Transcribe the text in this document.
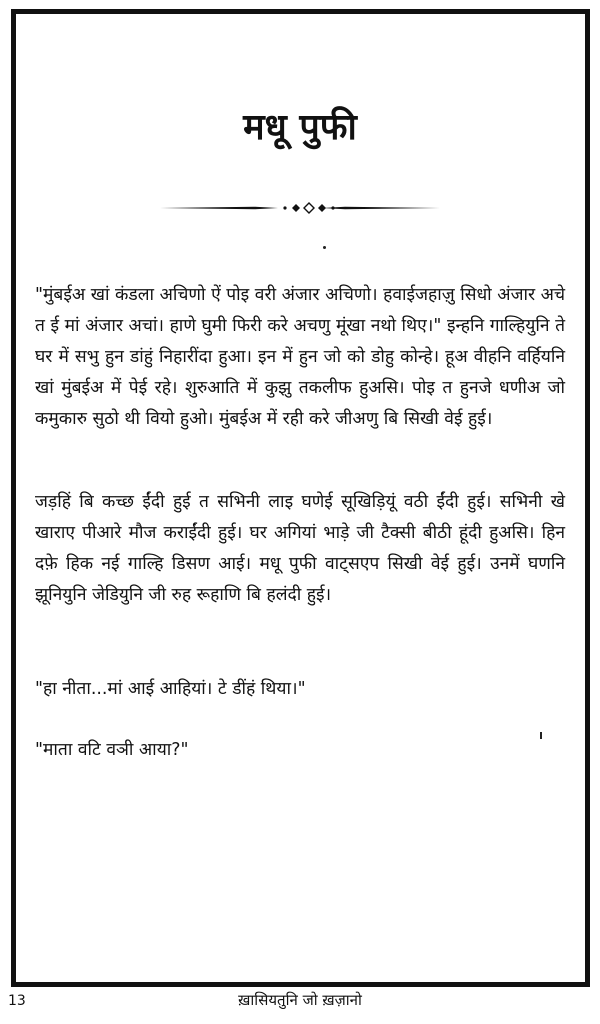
मधू पुफी

"मुंबईअ खां कंडला अचिणो ऐं पोइ वरी अंजार अचिणो। हवाईजहाज़ु सिधो अंजार अचे त ई मां अंजार अचां। हाणे घुमी फिरी करे अचणु मूंखा नथो थिए।" इन्हनि गाल्हियुनि ते घर में सभु हुन डांहुं निहारींदा हुआ। इन में हुन जो को डोहु कोन्हे। हूअ वीहनि वर्हियनि खां मुंबईअ में पेई रहे। शुरुआति में कुझु तकलीफ हुअसि। पोइ त हुनजे धणीअ जो कमुकारु सुठो थी वियो हुओ। मुंबईअ में रही करे जीअणु बि सिखी वेई हुई।

जड़हिं बि कच्छ ईंदी हुई त सभिनी लाइ घणेई सूखिड़ियूं वठी ईंदी हुई। सभिनी खे खाराए पीआरे मौज कराईंदी हुई। घर अगियां भाड़े जी टैक्सी बीठी हूंदी हुअसि। हिन दफ़े हिक नई गाल्हि डिसण आई। मधू पुफी वाट्सएप सिखी वेई हुई। उनमें घणनि झूनियुनि जेडियुनि जी रुह रूहाणि बि हलंदी हुई।

"हा नीता...मां आई आहियां। टे डींहं थिया।"

"माता वटि वञी आया?"

13	ख़ासियतुनि जो ख़ज़ानो
